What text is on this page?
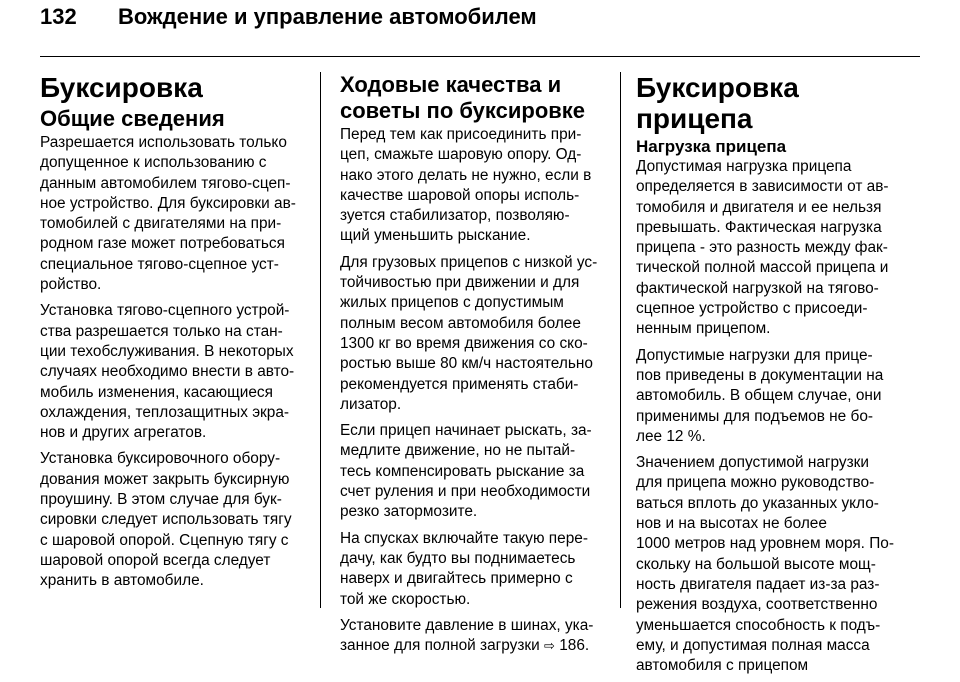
132 Вождение и управление автомобилем
Буксировка
Общие сведения

Разрешается использовать только
допущенное к использованию с
данным автомобилем тягово-сцеп-
ное устройство. Для буксировки ав-
томобилей с двигателями на при-
родном газе может потребоваться
специальное тягово-сцепное уст-
ройство.

Установка тягово-сцепного устрой-
ства разрешается только на стан-
ции техобслуживания. В некоторых
случаях необходимо внести в авто-
мобиль изменения, касающиеся
охлаждения, теплозащитных экра-
нов и других агрегатов.

Установка буксировочного обору-
дования может закрыть буксирную
проушину. В этом случае для бук-
сировки следует использовать тягу
с шаровой опорой. Сцепную тягу с
шаровой опорой всегда следует
хранить в автомобиле.

Ходовые качества и
советы по буксировке

Перед тем как присоединить при-
цеп, смажьте шаровую опору. Од-
нако этого делать не нужно, если в
качестве шаровой опоры исполь-
зуется стабилизатор, позволяю-
щий уменьшить рыскание.

Для грузовых прицепов с низкой ус-
тойчивостью при движении и для
жилых прицепов с допустимым
полным весом автомобиля более
1300 кг во время движения со ско-
ростью выше 80 км/ч настоятельно
рекомендуется применять стаби-
лизатор.

Если прицеп начинает рыскать, за-
медлите движение, но не пытай-
тесь компенсировать рыскание за
счет руления и при необходимости
резко затормозите.

На спусках включайте такую пере-
дачу, как будто вы поднимаетесь
наверх и двигайтесь примерно с
той же скоростью.

Установите давление в шинах, ука-
занное для полной загрузки ⇨ 186.

Буксировка прицепа
Нагрузка прицепа

Допустимая нагрузка прицепа
определяется в зависимости от ав-
томобиля и двигателя и ее нельзя
превышать. Фактическая нагрузка
прицепа - это разность между фак-
тической полной массой прицепа и
фактической нагрузкой на тягово-
сцепное устройство с присоеди-
ненным прицепом.

Допустимые нагрузки для прице-
пов приведены в документации на
автомобиль. В общем случае, они
применимы для подъемов не бо-
лее 12 %.

Значением допустимой нагрузки
для прицепа можно руководство-
ваться вплоть до указанных укло-
нов и на высотах не более
1000 метров над уровнем моря. По-
скольку на большой высоте мощ-
ность двигателя падает из-за раз-
режения воздуха, соответственно
уменьшается способность к подъ-
ему, и допустимая полная масса
автомобиля с прицепом
